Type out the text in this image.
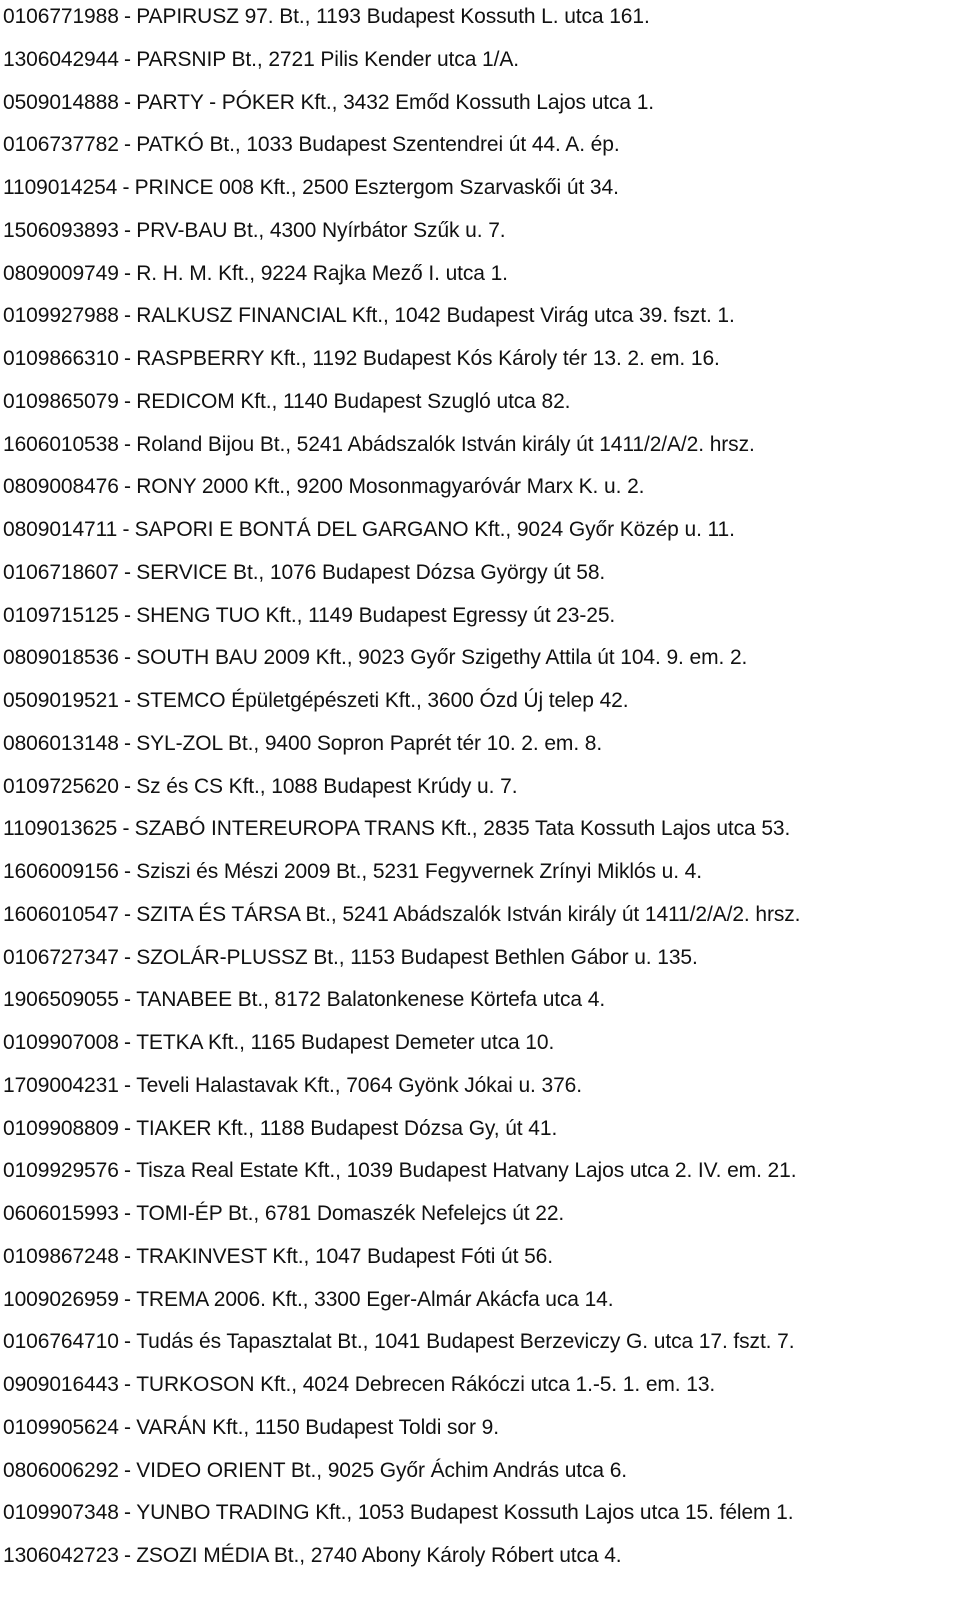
0106771988 - PAPIRUSZ 97. Bt., 1193 Budapest Kossuth L. utca 161.
1306042944 - PARSNIP Bt., 2721 Pilis Kender utca 1/A.
0509014888 - PARTY - PÓKER Kft., 3432 Emőd Kossuth Lajos utca 1.
0106737782 - PATKÓ Bt., 1033 Budapest Szentendrei út 44. A. ép.
1109014254 - PRINCE 008 Kft., 2500 Esztergom Szarvaskői út 34.
1506093893 - PRV-BAU Bt., 4300 Nyírbátor Szűk u. 7.
0809009749 - R. H. M. Kft., 9224 Rajka Mező I. utca 1.
0109927988 - RALKUSZ FINANCIAL Kft., 1042 Budapest Virág utca 39. fszt. 1.
0109866310 - RASPBERRY Kft., 1192 Budapest Kós Károly tér 13. 2. em. 16.
0109865079 - REDICOM Kft., 1140 Budapest Szugló utca 82.
1606010538 - Roland Bijou Bt., 5241 Abádszalók István király út 1411/2/A/2. hrsz.
0809008476 - RONY 2000 Kft., 9200 Mosonmagyaróvár Marx K. u. 2.
0809014711 - SAPORI E BONTÁ DEL GARGANO Kft., 9024 Győr Közép u. 11.
0106718607 - SERVICE Bt., 1076 Budapest Dózsa György út 58.
0109715125 - SHENG TUO Kft., 1149 Budapest Egressy út 23-25.
0809018536 - SOUTH BAU 2009 Kft., 9023 Győr Szigethy Attila út 104. 9. em. 2.
0509019521 - STEMCO Épületgépészeti Kft., 3600 Ózd Új telep 42.
0806013148 - SYL-ZOL Bt., 9400 Sopron Paprét tér 10. 2. em. 8.
0109725620 - Sz és CS Kft., 1088 Budapest Krúdy u. 7.
1109013625 - SZABÓ INTEREUROPA TRANS Kft., 2835 Tata Kossuth Lajos utca 53.
1606009156 - Sziszi és Mészi 2009 Bt., 5231 Fegyvernek Zrínyi Miklós u. 4.
1606010547 - SZITA ÉS TÁRSA Bt., 5241 Abádszalók István király út 1411/2/A/2. hrsz.
0106727347 - SZOLÁR-PLUSSZ Bt., 1153 Budapest Bethlen Gábor u. 135.
1906509055 - TANABEE Bt., 8172 Balatonkenese Körtefa utca 4.
0109907008 - TETKA Kft., 1165 Budapest Demeter utca 10.
1709004231 - Teveli Halastavak Kft., 7064 Gyönk Jókai u. 376.
0109908809 - TIAKER Kft., 1188 Budapest Dózsa Gy, út 41.
0109929576 - Tisza Real Estate Kft., 1039 Budapest Hatvany Lajos utca 2. IV. em. 21.
0606015993 - TOMI-ÉP Bt., 6781 Domaszék Nefelejcs út 22.
0109867248 - TRAKINVEST Kft., 1047 Budapest Fóti út 56.
1009026959 - TREMA 2006. Kft., 3300 Eger-Almár Akácfa uca 14.
0106764710 - Tudás és Tapasztalat Bt., 1041 Budapest Berzeviczy G. utca 17. fszt. 7.
0909016443 - TURKOSON Kft., 4024 Debrecen Rákóczi utca 1.-5. 1. em. 13.
0109905624 - VARÁN Kft., 1150 Budapest Toldi sor 9.
0806006292 - VIDEO ORIENT Bt., 9025 Győr Áchim András utca 6.
0109907348 - YUNBO TRADING Kft., 1053 Budapest Kossuth Lajos utca 15. félem 1.
1306042723 - ZSOZI MÉDIA Bt., 2740 Abony Károly Róbert utca 4.
